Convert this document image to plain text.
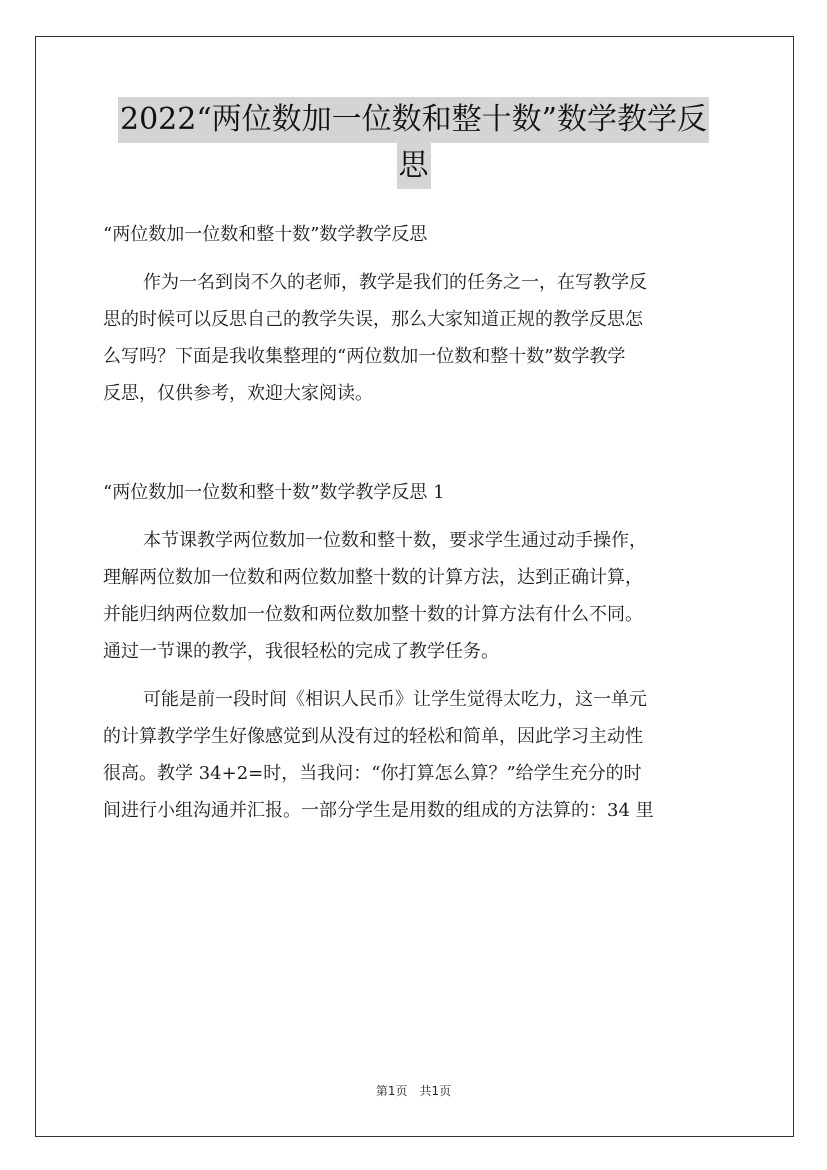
2022“两位数加一位数和整十数”数学教学反
思
“两位数加一位数和整十数”数学教学反思
作为一名到岗不久的老师，教学是我们的任务之一，在写教学反
思的时候可以反思自己的教学失误，那么大家知道正规的教学反思怎
么写吗？下面是我收集整理的“两位数加一位数和整十数”数学教学
反思，仅供参考，欢迎大家阅读。
“两位数加一位数和整十数”数学教学反思 1
本节课教学两位数加一位数和整十数，要求学生通过动手操作，
理解两位数加一位数和两位数加整十数的计算方法，达到正确计算，
并能归纳两位数加一位数和两位数加整十数的计算方法有什么不同。
通过一节课的教学，我很轻松的完成了教学任务。
可能是前一段时间《相识人民币》让学生觉得太吃力，这一单元
的计算教学学生好像感觉到从没有过的轻松和简单，因此学习主动性
很高。教学 34+2=时，当我问：“你打算怎么算？”给学生充分的时
间进行小组沟通并汇报。一部分学生是用数的组成的方法算的：34 里
第1页　共1页
